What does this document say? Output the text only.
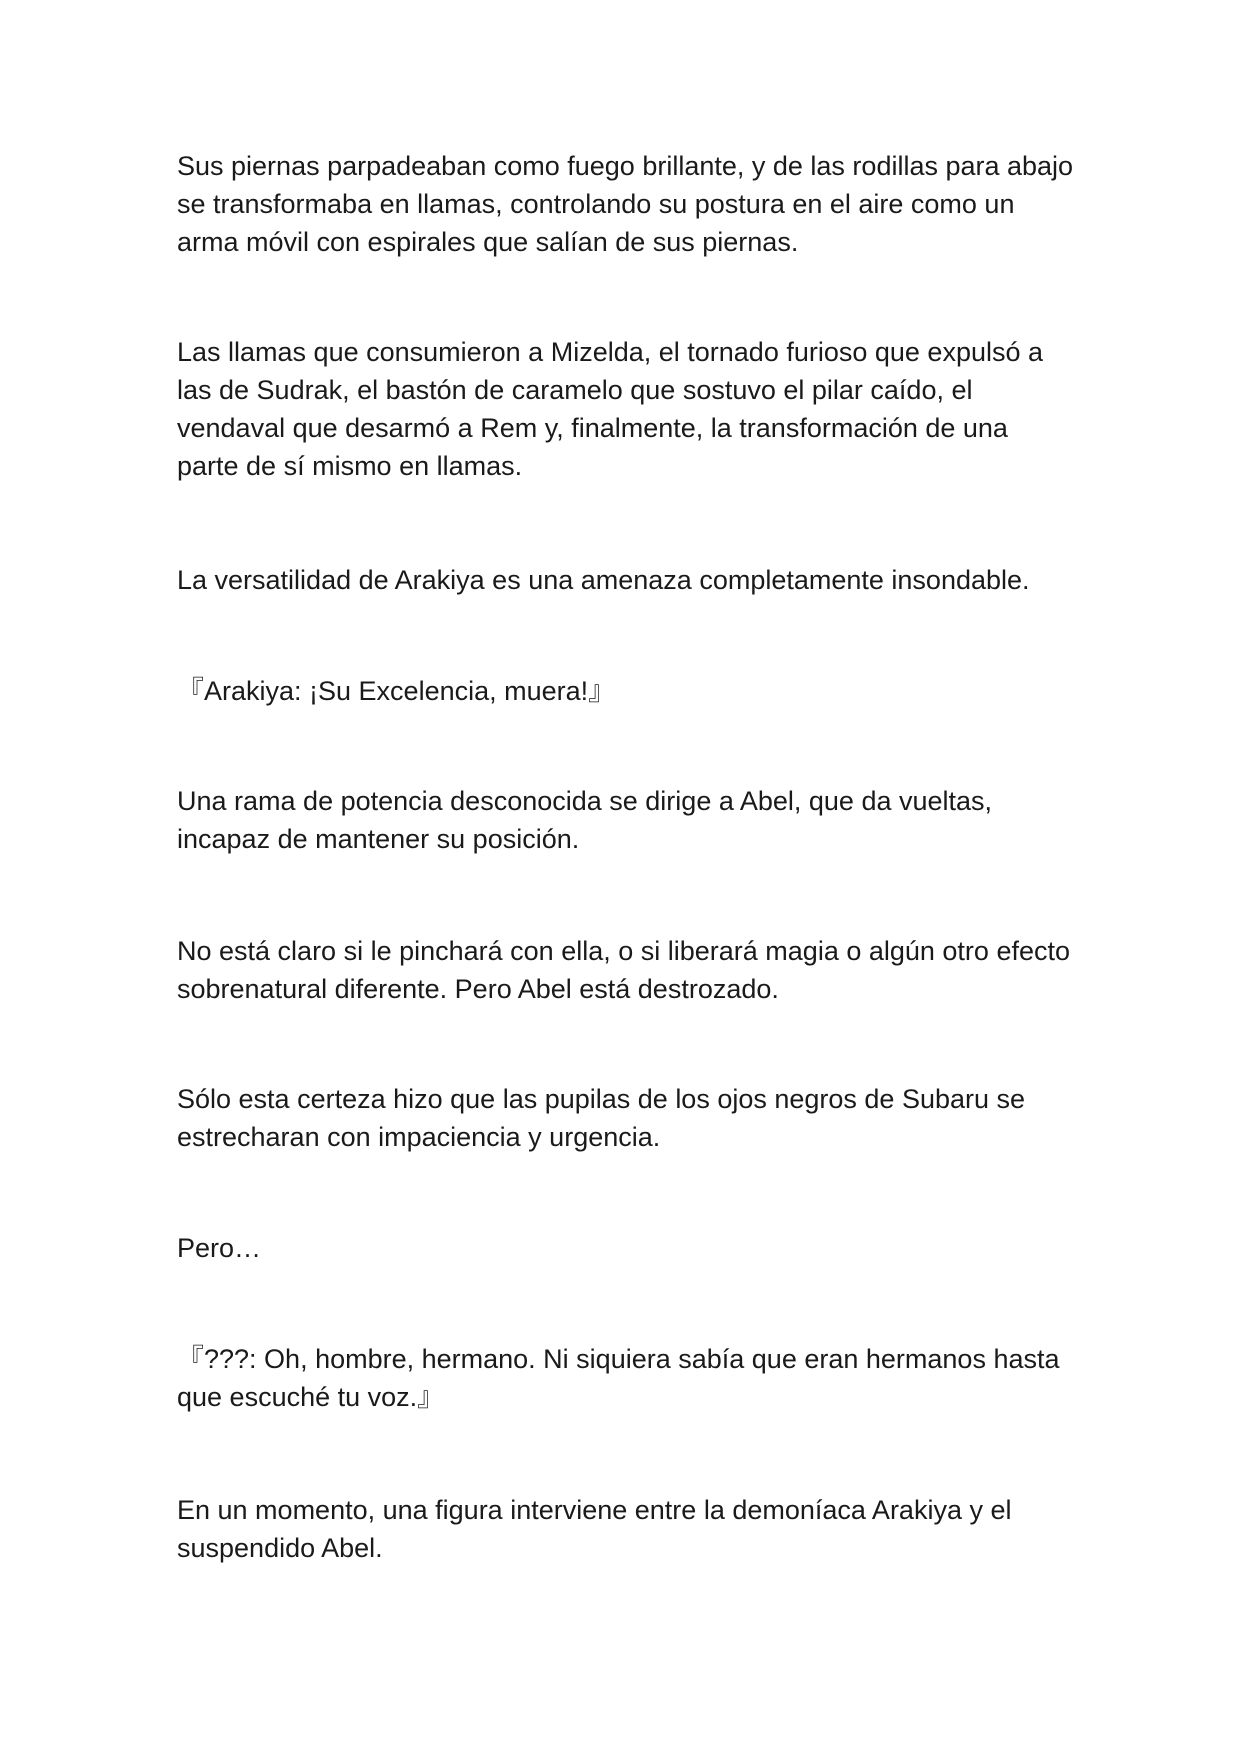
Sus piernas parpadeaban como fuego brillante, y de las rodillas para abajo
se transformaba en llamas, controlando su postura en el aire como un
arma móvil con espirales que salían de sus piernas.

Las llamas que consumieron a Mizelda, el tornado furioso que expulsó a
las de Sudrak, el bastón de caramelo que sostuvo el pilar caído, el
vendaval que desarmó a Rem y, finalmente, la transformación de una
parte de sí mismo en llamas.

La versatilidad de Arakiya es una amenaza completamente insondable.

『Arakiya: ¡Su Excelencia, muera!』

Una rama de potencia desconocida se dirige a Abel, que da vueltas,
incapaz de mantener su posición.

No está claro si le pinchará con ella, o si liberará magia o algún otro efecto
sobrenatural diferente. Pero Abel está destrozado.

Sólo esta certeza hizo que las pupilas de los ojos negros de Subaru se
estrecharan con impaciencia y urgencia.

Pero…

『???: Oh, hombre, hermano. Ni siquiera sabía que eran hermanos hasta
que escuché tu voz.』

En un momento, una figura interviene entre la demoníaca Arakiya y el
suspendido Abel.
